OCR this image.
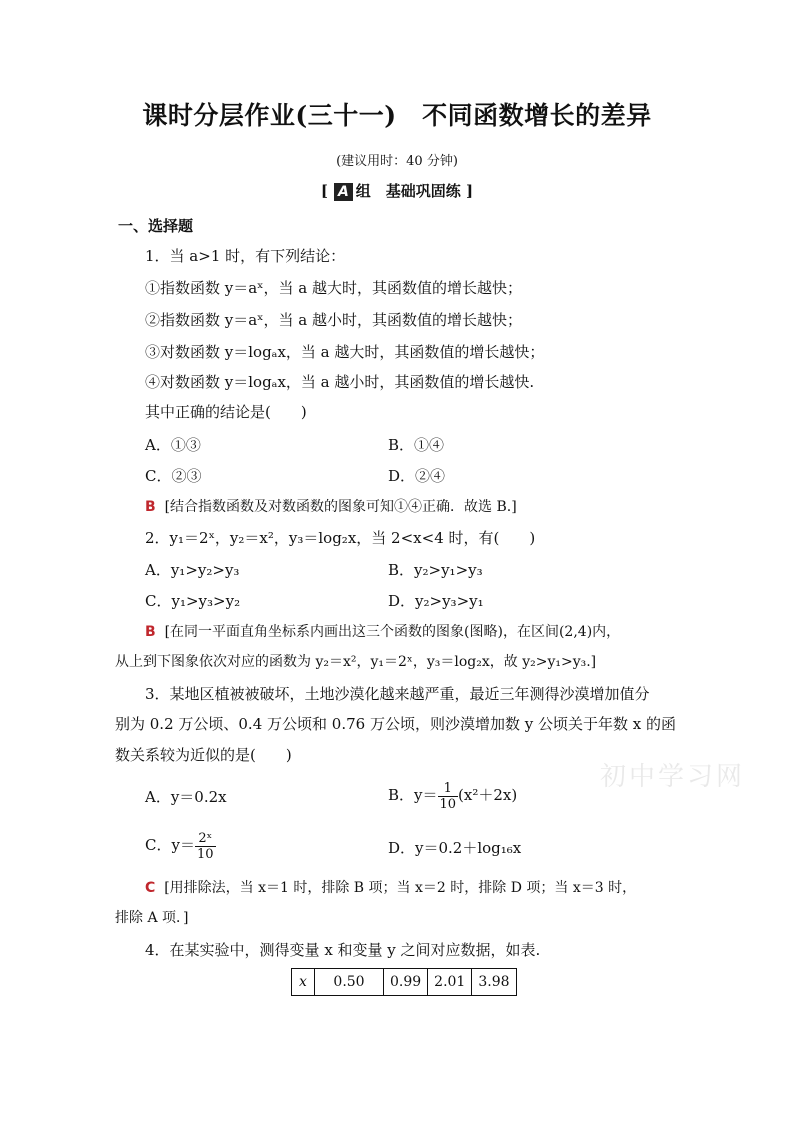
课时分层作业(三十一)　不同函数增长的差异
(建议用时：40 分钟)
[ A 组　基础巩固练 ]
一、选择题
1．当 a>1 时，有下列结论：
①指数函数 y＝aˣ，当 a 越大时，其函数值的增长越快；
②指数函数 y＝aˣ，当 a 越小时，其函数值的增长越快；
③对数函数 y＝logₐx，当 a 越大时，其函数值的增长越快；
④对数函数 y＝logₐx，当 a 越小时，其函数值的增长越快.
其中正确的结论是(　　)
A．①③	B．①④
C．②③	D．②④
B [结合指数函数及对数函数的图象可知①④正确．故选 B.]
2．y₁＝2ˣ，y₂＝x²，y₃＝log₂x，当 2<x<4 时，有(　　)
A．y₁>y₂>y₃	B．y₂>y₁>y₃
C．y₁>y₃>y₂	D．y₂>y₃>y₁
B [在同一平面直角坐标系内画出这三个函数的图象(图略)，在区间(2,4)内，
从上到下图象依次对应的函数为 y₂＝x²，y₁＝2ˣ，y₃＝log₂x，故 y₂>y₁>y₃.]
3．某地区植被被破坏，土地沙漠化越来越严重，最近三年测得沙漠增加值分
别为 0.2 万公顷、0.4 万公顷和 0.76 万公顷，则沙漠增加数 y 公顷关于年数 x 的函
数关系较为近似的是(　　)
A．y＝0.2x	B．$y= \frac{1}{10} (x^2+2x)$
C．$y= \frac{\text{2ˣ}}{10}$	D．y＝0.2＋log₁₆x
C [用排除法，当 x＝1 时，排除 B 项；当 x＝2 时，排除 D 项；当 x＝3 时，
排除 A 项．]
4．在某实验中，测得变量 x 和变量 y 之间对应数据，如表.
x	0.50	0.99	2.01	3.98
初中学习网
